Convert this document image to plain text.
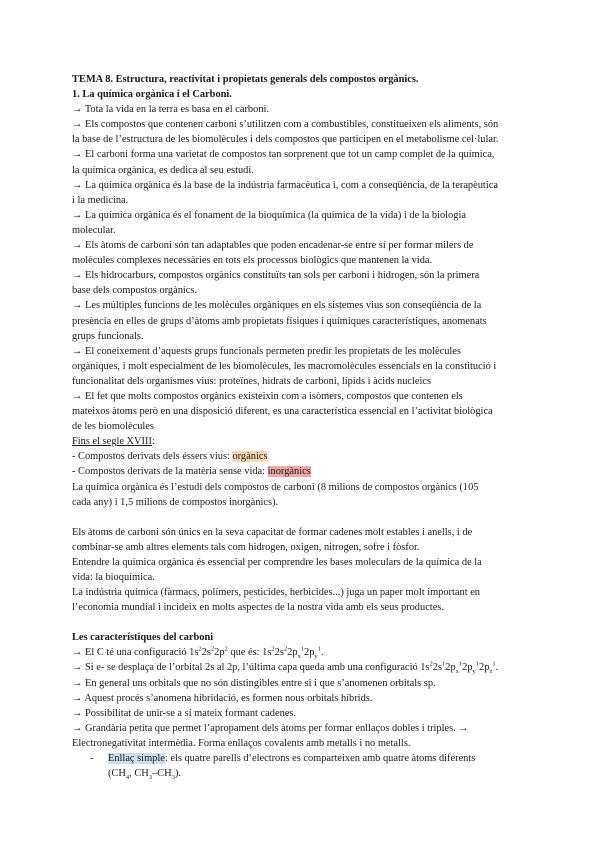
TEMA 8. Estructura, reactivitat i propietats generals dels compostos orgànics.
1. La química orgànica i el Carboni.
→ Tota la vida en la terra es basa en el carboni.
→ Els compostos que contenen carboni s’utilitzen com a combustibles, constitueixen els aliments, són
la base de l’estructura de les biomolècules i dels compostos que participen en el metabolisme cel·lular.
→ El carboni forma una varietat de compostos tan sorprenent que tot un camp complet de la química,
la química orgànica, es dedica al seu estudi.
→ La química orgànica és la base de la indústria farmacèutica i, com a conseqüència, de la terapèutica
i la medicina.
→ La química orgànica és el fonament de la bioquímica (la química de la vida) i de la biologia
molecular.
→ Els àtoms de carboni són tan adaptables que poden encadenar-se entre sí per formar milers de
molècules complexes necessàries en tots els processos biològics que mantenen la vida.
→ Els hidrocarburs, compostos orgànics constituïts tan sols per carboni i hidrogen, són la primera
base dels compostos orgànics.
→ Les múltiples funcions de les molècules orgàniques en els sistemes vius son conseqüència de la
presència en elles de grups d’àtoms amb propietats físiques i químiques característiques, anomenats
grups funcionals.
→ El coneixement d’aquests grups funcionals permeten predir les propietats de les molècules
orgàniques, i molt especialment de les biomolècules, les macromolècules essencials en la constitució i
funcionalitat dels organismes vius: proteïnes, hidrats de carboni, lípids i àcids nucleics
→ El fet que molts compostos orgànics existeixin com a isòmers, compostos que contenen els
mateixos àtoms però en una disposició diferent, es una característica essencial en l’activitat biològica
de les biomolècules
Fins el segle XVIII:
- Compostos derivats dels éssers vius: orgànics
- Compostos derivats de la matèria sense vida: inorgànics
La química orgànica és l’estudi dels compostos de carboni (8 milions de compostos orgànics (105
cada any) i 1,5 milions de compostos inorgànics).
Els àtoms de carboni són únics en la seva capacitat de formar cadenes molt estables i anells, i de
combinar-se amb altres elements tals com hidrogen, oxigen, nitrogen, sofre i fòsfor.
Entendre la química orgànica és essencial per comprendre les bases moleculars de la química de la
vida: la bioquímica.
La indústria química (fàrmacs, polímers, pesticides, herbicides...) juga un paper molt important en
l’economia mundial i incideix en molts aspectes de la nostra vida amb els seus productes.
Les característiques del carboni
→ El C té una configuració $1s^22s^22p^2$ que és: $1s^22s^22p_x^12p_y^1$.
→ Si e- se desplaça de l’orbital 2s al 2p, l’última capa queda amb una configuració $1s^22s^12p_x^12p_y^12p_z^1$.
→ En general uns orbitals que no són distingibles entre si i que s’anomenen orbitals sp.
→ Aquest procés s’anomena hibridació, es formen nous orbitals híbrids.
→ Possibilitat de unir-se a sí mateix formant cadenes.
→ Grandària petita que permet l’apropament dels àtoms per formar enllaços dobles i triples. →
Electronegativitat intermèdia. Forma enllaços covalents amb metalls i no metalls.
- Enllaç simple: els quatre parells d’electrons es comparteixen amb quatre àtoms diferents
($CH_4$, $CH_3-CH_3$).
